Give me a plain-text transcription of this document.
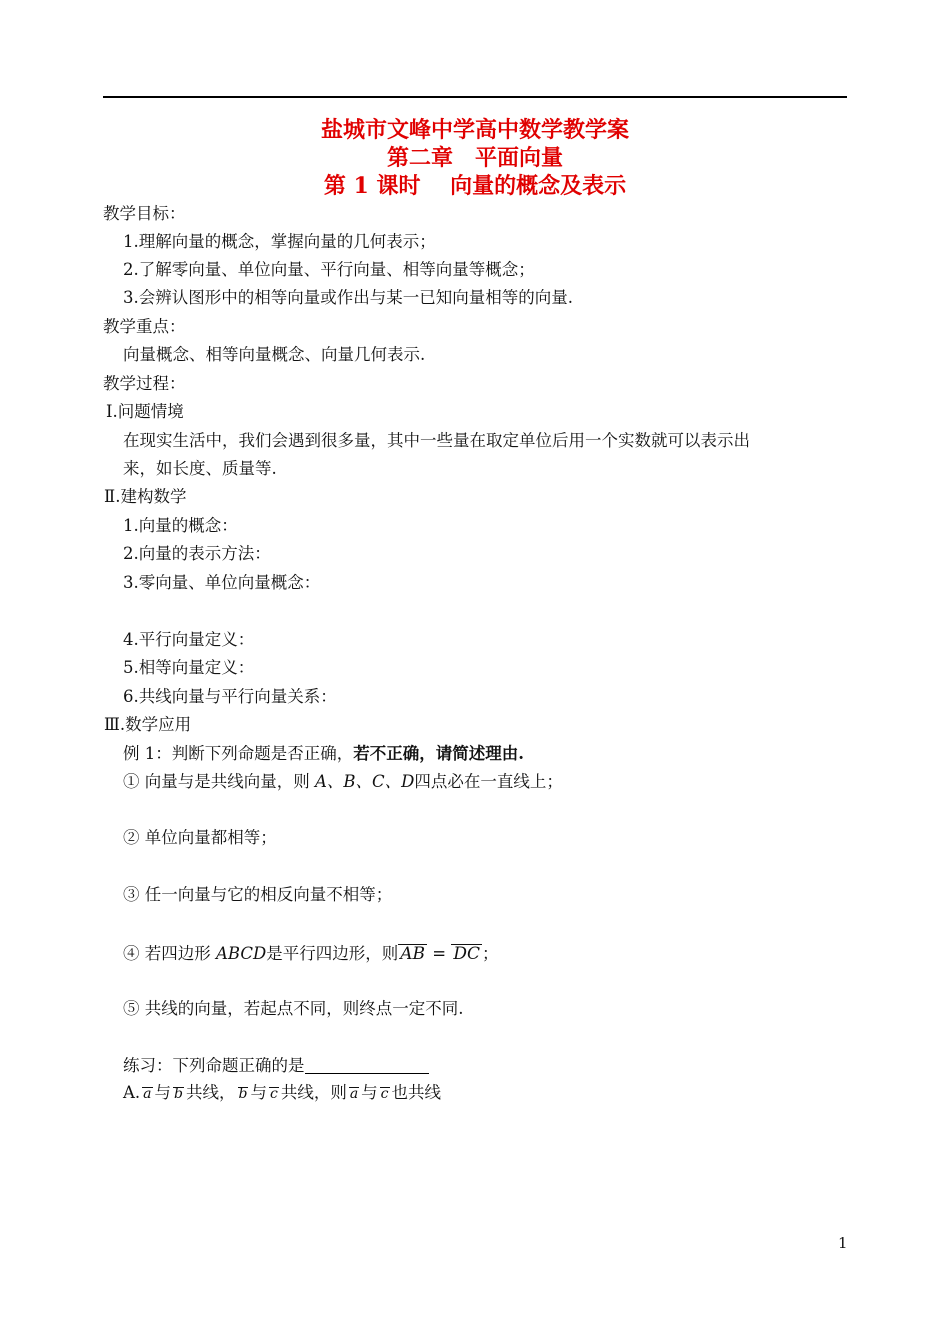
盐城市文峰中学高中数学教学案
第二章　平面向量
第 1 课时　 向量的概念及表示
教学目标：
1.理解向量的概念，掌握向量的几何表示；
2.了解零向量、单位向量、平行向量、相等向量等概念；
3.会辨认图形中的相等向量或作出与某一已知向量相等的向量.
教学重点：
向量概念、相等向量概念、向量几何表示.
教学过程：
Ⅰ.问题情境
在现实生活中，我们会遇到很多量，其中一些量在取定单位后用一个实数就可以表示出
来，如长度、质量等.
Ⅱ.建构数学
1.向量的概念：
2.向量的表示方法：
3.零向量、单位向量概念：
4.平行向量定义：
5.相等向量定义：
6.共线向量与平行向量关系：
Ⅲ.数学应用
例 1：判断下列命题是否正确，若不正确，请简述理由.
① 向量与是共线向量，则 A、B、C、D四点必在一直线上；
② 单位向量都相等；
③ 任一向量与它的相反向量不相等；
④ 若四边形 ABCD是平行四边形，则 AB = DC ；
⑤ 共线的向量，若起点不同，则终点一定不同.
练习：下列命题正确的是
A. a 与 b 共线， b 与 c 共线，则 a 与 c 也共线
1
